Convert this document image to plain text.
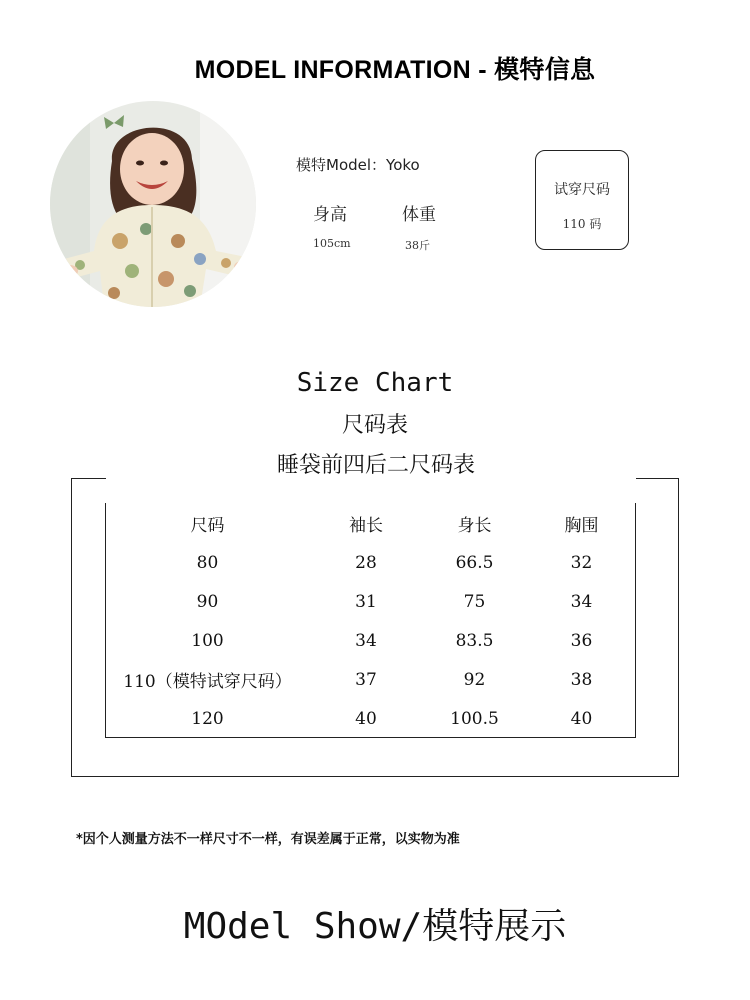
MODEL INFORMATION - 模特信息
模特Model：Yoko
身高	体重
105cm	38斤
试穿尺码
110 码
Size Chart
尺码表
睡袋前四后二尺码表
尺码	袖长	身长	胸围
80	28	66.5	32
90	31	75	34
100	34	83.5	36
110（模特试穿尺码）	37	92	38
120	40	100.5	40
*因个人测量方法不一样尺寸不一样，有误差属于正常，以实物为准
MOdel Show/模特展示
